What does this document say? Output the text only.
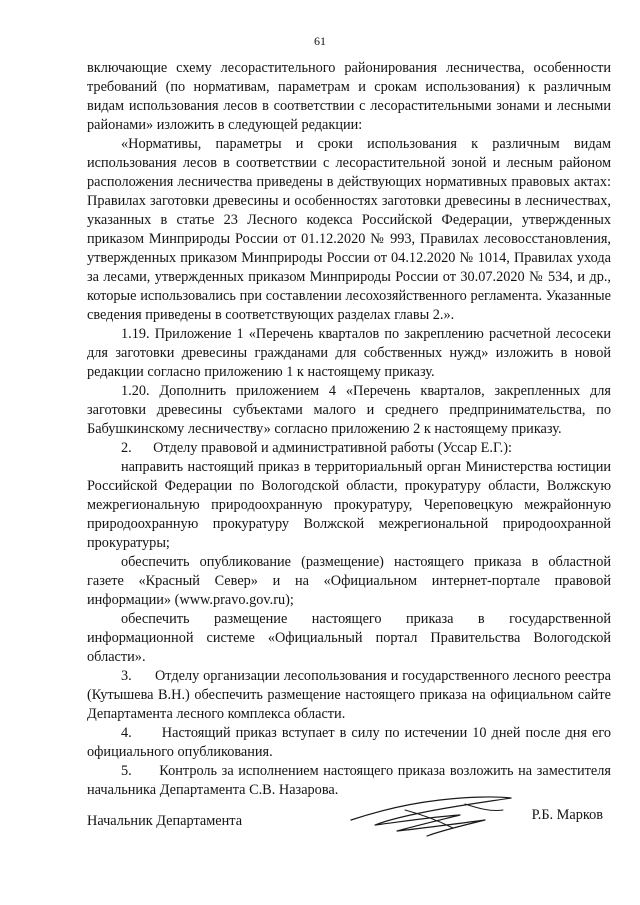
61

включающие схему лесорастительного районирования лесничества, особенности требований (по нормативам, параметрам и срокам использования) к различным видам использования лесов в соответствии с лесорастительными зонами и лесными районами» изложить в следующей редакции:

«Нормативы, параметры и сроки использования к различным видам использования лесов в соответствии с лесорастительной зоной и лесным районом расположения лесничества приведены в действующих нормативных правовых актах: Правилах заготовки древесины и особенностях заготовки древесины в лесничествах, указанных в статье 23 Лесного кодекса Российской Федерации, утвержденных приказом Минприроды России от 01.12.2020 № 993, Правилах лесовосстановления, утвержденных приказом Минприроды России от 04.12.2020 № 1014, Правилах ухода за лесами, утвержденных приказом Минприроды России от 30.07.2020 № 534, и др., которые использовались при составлении лесохозяйственного регламента. Указанные сведения приведены в соответствующих разделах главы 2.».

1.19. Приложение 1 «Перечень кварталов по закреплению расчетной лесосеки для заготовки древесины гражданами для собственных нужд» изложить в новой редакции согласно приложению 1 к настоящему приказу.

1.20. Дополнить приложением 4 «Перечень кварталов, закрепленных для заготовки древесины субъектами малого и среднего предпринимательства, по Бабушкинскому лесничеству» согласно приложению 2 к настоящему приказу.

2.      Отделу правовой и административной работы (Уссар Е.Г.):

направить настоящий приказ в территориальный орган Министерства юстиции Российской Федерации по Вологодской области, прокуратуру области, Волжскую межрегиональную природоохранную прокуратуру, Череповецкую межрайонную природоохранную прокуратуру Волжской межрегиональной природоохранной прокуратуры;

обеспечить опубликование (размещение) настоящего приказа в областной газете «Красный Север» и на «Официальном интернет-портале правовой информации» (www.pravo.gov.ru);

обеспечить размещение настоящего приказа в государственной информационной системе «Официальный портал Правительства Вологодской области».

3.      Отделу организации лесопользования и государственного лесного реестра (Кутышева В.Н.) обеспечить размещение настоящего приказа на официальном сайте Департамента лесного комплекса области.

4.      Настоящий приказ вступает в силу по истечении 10 дней после дня его официального опубликования.

5.      Контроль за исполнением настоящего приказа возложить на заместителя начальника Департамента С.В. Назарова.

Начальник Департамента	Р.Б. Марков
